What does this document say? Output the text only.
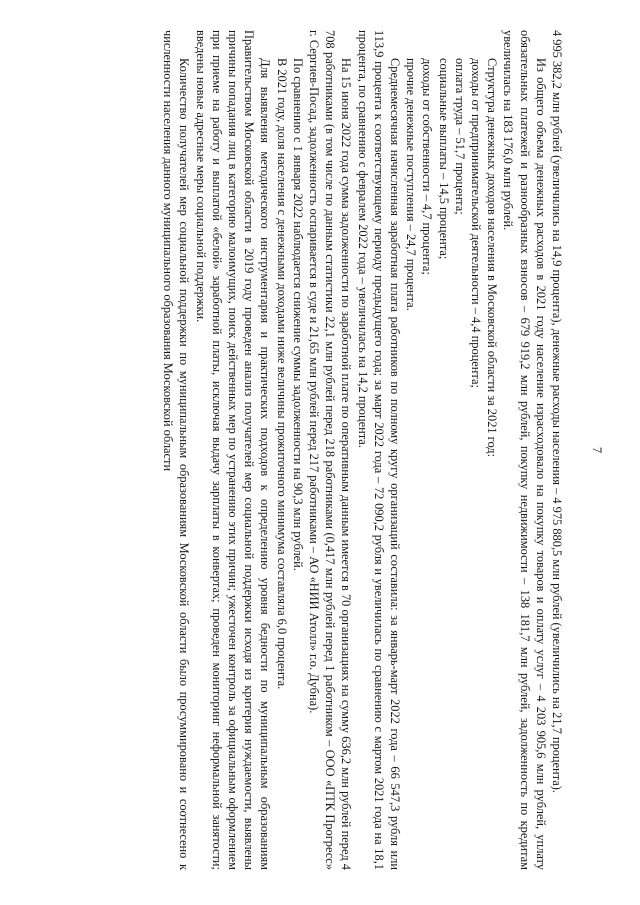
7

4 995 382,2 млн рублей (увеличились на 14,9 процента), денежные расходы населения – 4 975 880,5 млн рублей (увеличились на 21,7 процента).

Из общего объема денежных расходов в 2021 году население израсходовало на покупку товаров и оплату услуг – 4 203 905,6 млн рублей, уплату обязательных платежей и разнообразных взносов – 679 919,2 млн рублей, покупку недвижимости – 138 181,7 млн рублей, задолженность по кредитам увеличилась на 183 176,0 млн рублей.

Структура денежных доходов населения в Московской области за 2021 год:

доходы от предпринимательской деятельности – 4,4 процента;

оплата труда – 51,7 процента;

социальные выплаты – 14,5 процента;

доходы от собственности – 4,7 процента;

прочие денежные поступления – 24,7 процента.

Среднемесячная начисленная заработная плата работников по полному кругу организаций составила: за январь-март 2022 года – 66 547,3 рубля или 113,9 процента к соответствующему периоду предыдущего года; за март 2022 года – 72 090,2 рубля и увеличилась по сравнению с мартом 2021 года на 18,1 процента, по сравнению с февралем 2022 года – увеличилась на 14,2 процента.

На 15 июня 2022 года сумма задолженности по заработной плате по оперативным данным имеется в 70 организациях на сумму 636,2 млн рублей перед 4 708 работниками (в том числе по данным статистики 22,1 млн рублей перед 218 работниками (0,417 млн рублей перед 1 работником – ООО «ПТК Прогресс» г. Сергиев-Посад, задолженность оспаривается в суде и 21,65 млн рублей перед 217 работниками – АО «НИИ Атолл» г.о. Дубна).

По сравнению с 1 января 2022 наблюдается снижение суммы задолженности на 90,3 млн рублей.

В 2021 году, доля населения с денежными доходами ниже величины прожиточного минимума составляла 6,0 процента.

Для выявления методического инструментария и практических подходов к определению уровня бедности по муниципальным образованиям Правительством Московской области в 2019 году проведен анализ получателей мер социальной поддержки исходя из критерия нуждаемости, выявлены причины попадания лиц в категорию малоимущих, поиск действенных мер по устранению этих причин; ужесточен контроль за официальным оформлением при приеме на работу и выплатой «белой» заработной платы, исключая выдачу зарплаты в конвертах; проведен мониторинг неформальной занятости; введены новые адресные меры социальной поддержки.

Количество получателей мер социальной поддержки по муниципальным образованиям Московской области было просуммировано и соотнесено к численности населения данного муниципального образования Московской области
